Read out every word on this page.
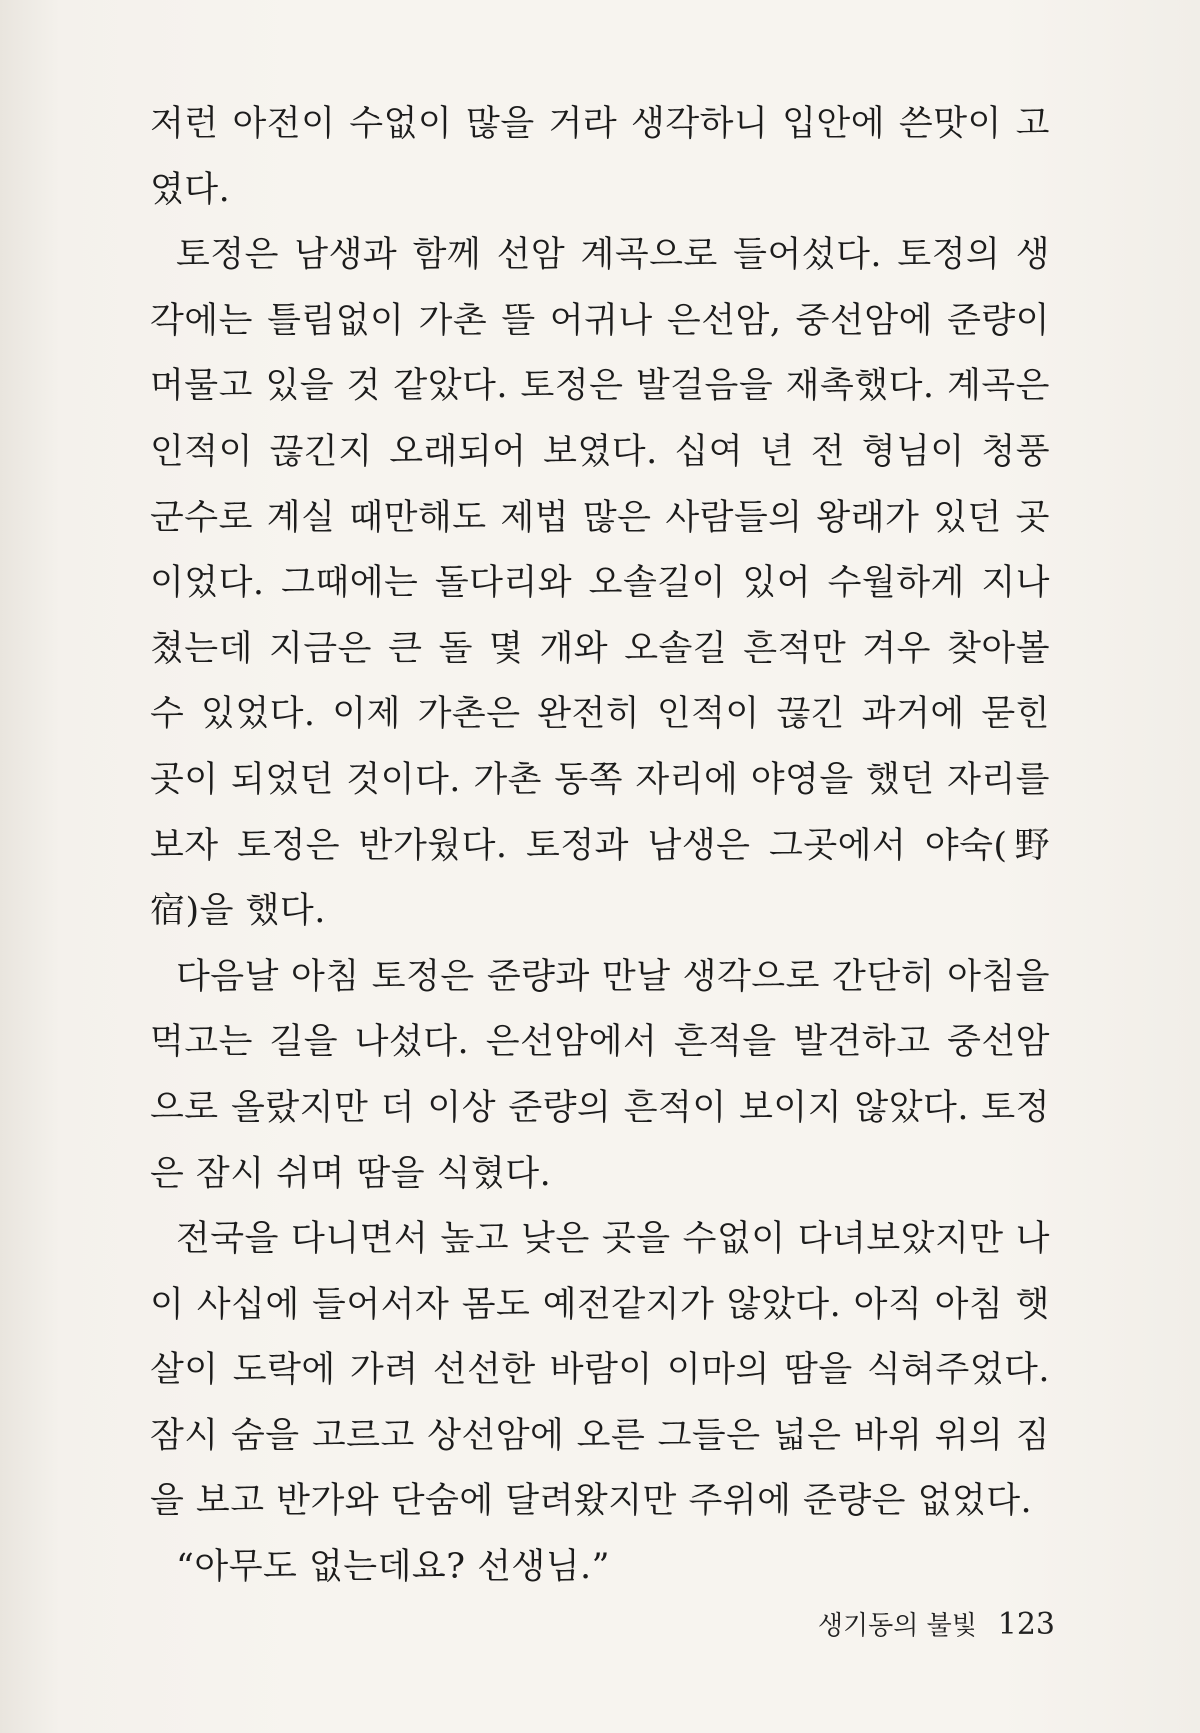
저런 아전이 수없이 많을 거라 생각하니 입안에 쓴맛이 고였다.

토정은 남생과 함께 선암 계곡으로 들어섰다. 토정의 생각에는 틀림없이 가촌 뜰 어귀나 은선암, 중선암에 준량이 머물고 있을 것 같았다. 토정은 발걸음을 재촉했다. 계곡은 인적이 끊긴지 오래되어 보였다. 십여 년 전 형님이 청풍 군수로 계실 때만해도 제법 많은 사람들의 왕래가 있던 곳이었다. 그때에는 돌다리와 오솔길이 있어 수월하게 지나쳤는데 지금은 큰 돌 몇 개와 오솔길 흔적만 겨우 찾아볼 수 있었다. 이제 가촌은 완전히 인적이 끊긴 과거에 묻힌 곳이 되었던 것이다. 가촌 동쪽 자리에 야영을 했던 자리를 보자 토정은 반가웠다. 토정과 남생은 그곳에서 야숙(野宿)을 했다.

다음날 아침 토정은 준량과 만날 생각으로 간단히 아침을 먹고는 길을 나섰다. 은선암에서 흔적을 발견하고 중선암으로 올랐지만 더 이상 준량의 흔적이 보이지 않았다. 토정은 잠시 쉬며 땀을 식혔다.

전국을 다니면서 높고 낮은 곳을 수없이 다녀보았지만 나이 사십에 들어서자 몸도 예전같지가 않았다. 아직 아침 햇살이 도락에 가려 선선한 바람이 이마의 땀을 식혀주었다. 잠시 숨을 고르고 상선암에 오른 그들은 넓은 바위 위의 짐을 보고 반가와 단숨에 달려왔지만 주위에 준량은 없었다.

“아무도 없는데요? 선생님.”

생기동의 불빛 123
